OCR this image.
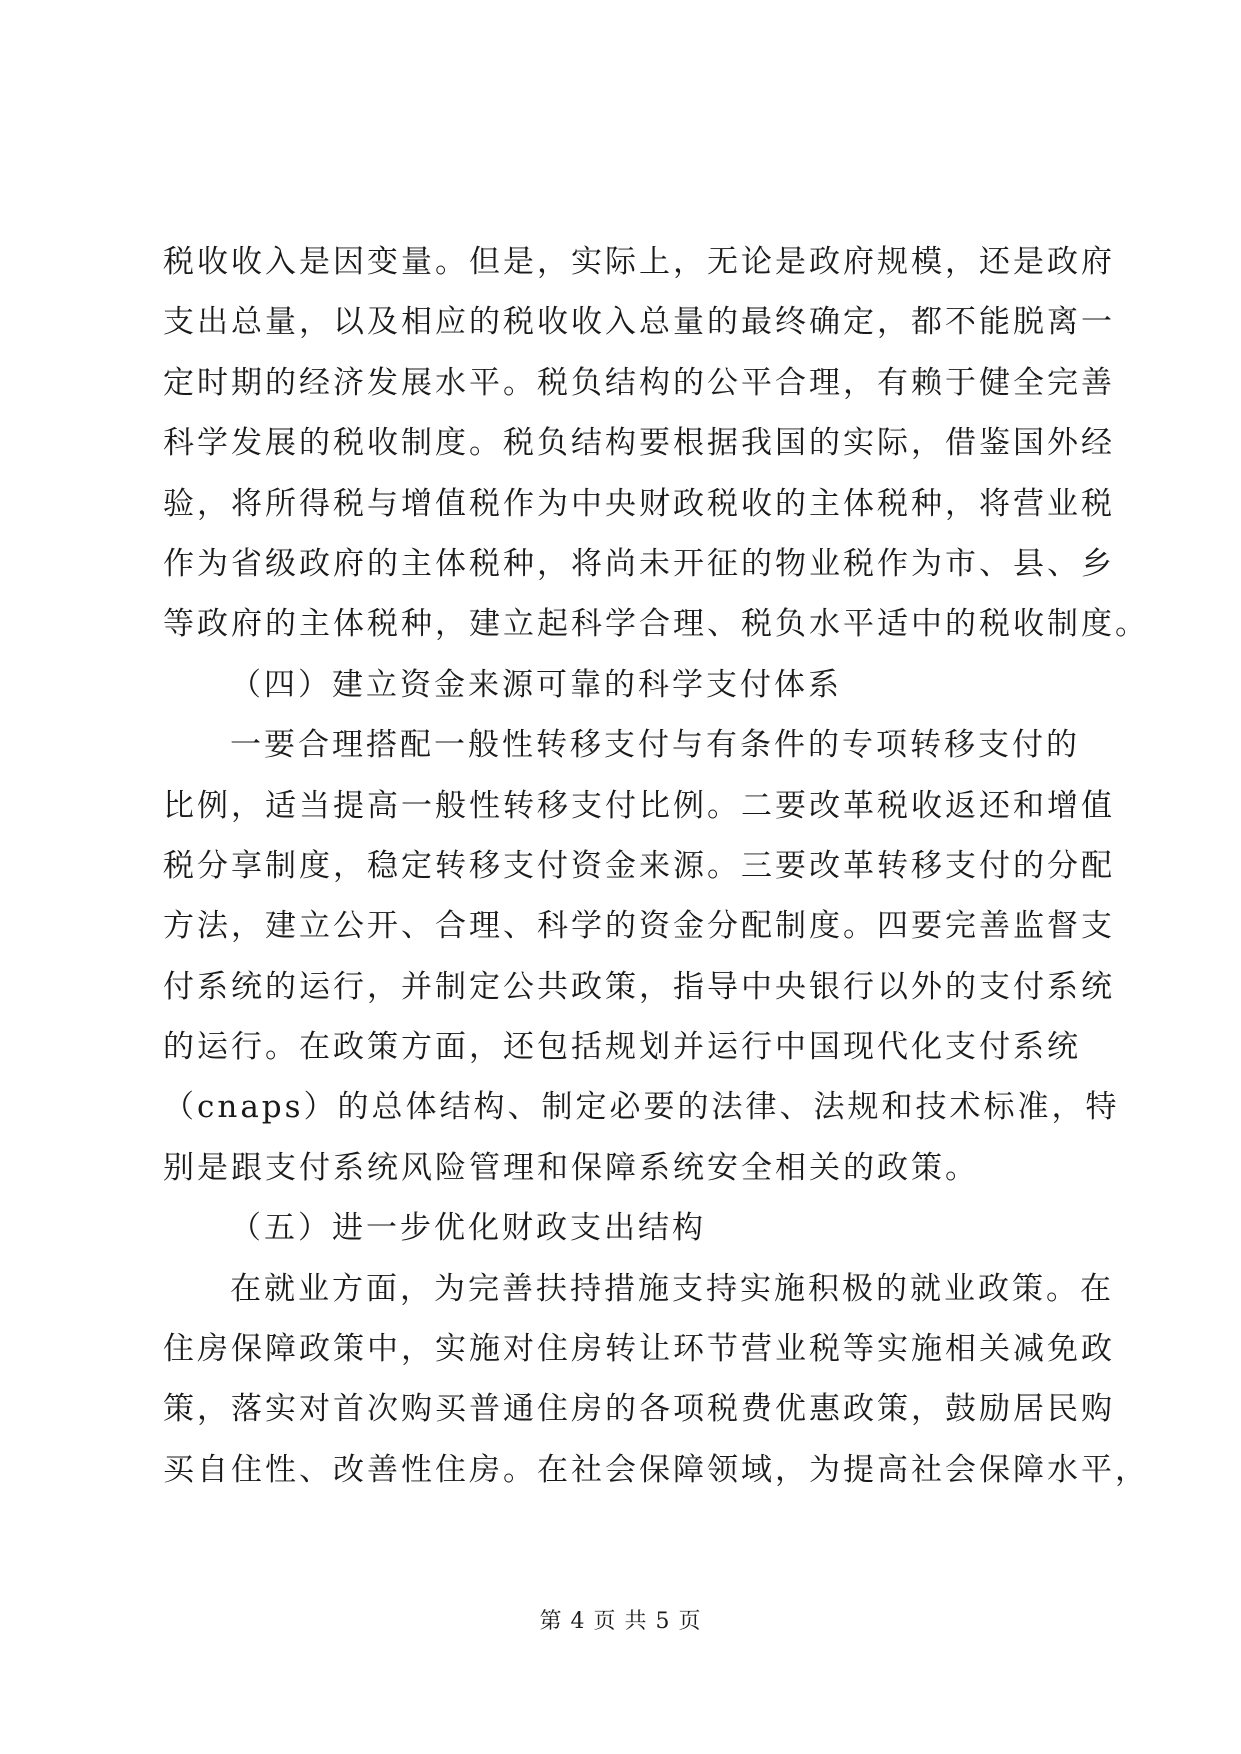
税收收入是因变量。但是，实际上，无论是政府规模，还是政府
支出总量，以及相应的税收收入总量的最终确定，都不能脱离一
定时期的经济发展水平。税负结构的公平合理，有赖于健全完善
科学发展的税收制度。税负结构要根据我国的实际，借鉴国外经
验，将所得税与增值税作为中央财政税收的主体税种，将营业税
作为省级政府的主体税种，将尚未开征的物业税作为市、县、乡
等政府的主体税种，建立起科学合理、税负水平适中的税收制度。
（四）建立资金来源可靠的科学支付体系
一要合理搭配一般性转移支付与有条件的专项转移支付的
比例，适当提高一般性转移支付比例。二要改革税收返还和增值
税分享制度，稳定转移支付资金来源。三要改革转移支付的分配
方法，建立公开、合理、科学的资金分配制度。四要完善监督支
付系统的运行，并制定公共政策，指导中央银行以外的支付系统
的运行。在政策方面，还包括规划并运行中国现代化支付系统
（cnaps）的总体结构、制定必要的法律、法规和技术标准，特
别是跟支付系统风险管理和保障系统安全相关的政策。
（五）进一步优化财政支出结构
在就业方面，为完善扶持措施支持实施积极的就业政策。在
住房保障政策中，实施对住房转让环节营业税等实施相关减免政
策，落实对首次购买普通住房的各项税费优惠政策，鼓励居民购
买自住性、改善性住房。在社会保障领域，为提高社会保障水平，
第 4 页 共 5 页
